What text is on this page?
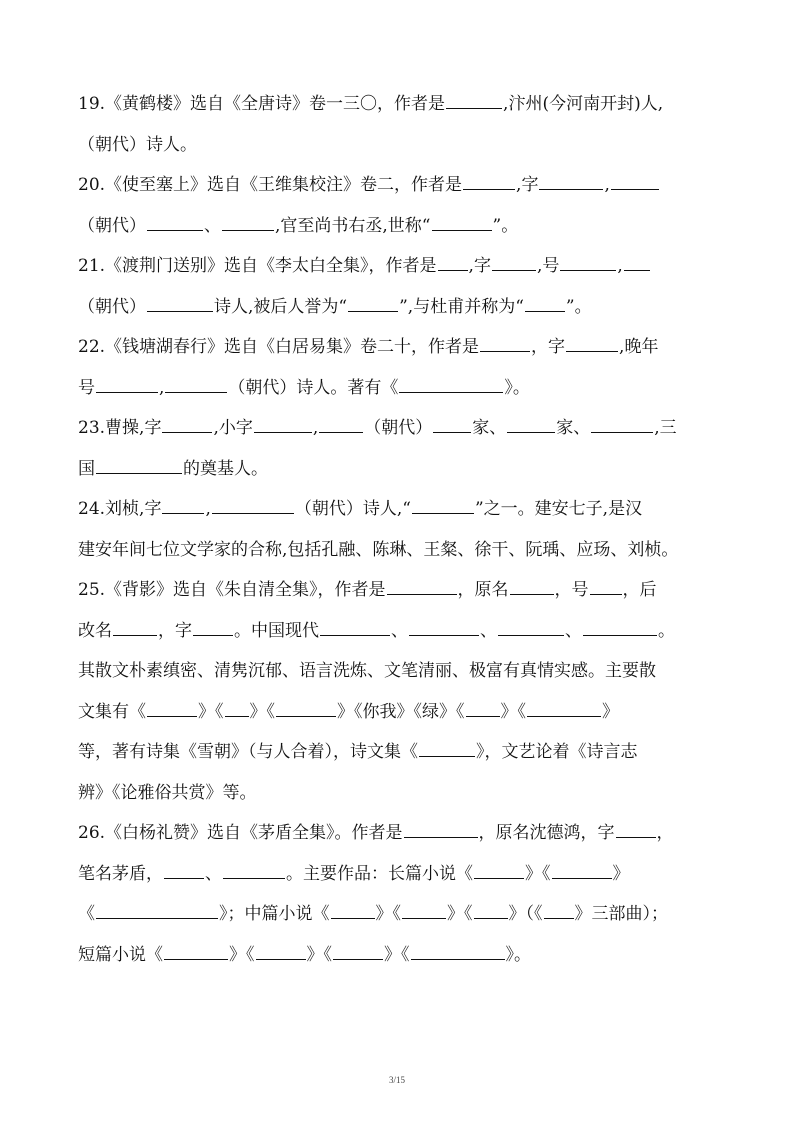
19.《黄鹤楼》选自《全唐诗》卷一三〇，作者是	,汴州(今河南开封)人,
（朝代）诗人。
20.《使至塞上》选自《王维集校注》卷二，作者是	,字	,
（朝代）	、	,官至尚书右丞,世称“	”。
21.《渡荆门送别》选自《李太白全集》，作者是 ,字	,号	,
（朝代）	诗人,被后人誉为“	”,与杜甫并称为“ ”。
22.《钱塘湖春行》选自《白居易集》卷二十，作者是	，字	,晚年
号	,	（朝代）诗人。著有《	》。
23.曹操,字	,小字	,	（朝代） 家、	家、	,三
国	的奠基人。
24.刘桢,字	,	（朝代）诗人,“	”之一。建安七子,是汉
建安年间七位文学家的合称,包括孔融、陈琳、王粲、徐干、阮瑀、应玚、刘桢。
25.《背影》选自《朱自清全集》，作者是	，原名	，号 ，后
改名	，字 。中国现代	、	、	、	。
其散文朴素缜密、清隽沉郁、语言洗炼、文笔清丽、极富有真情实感。主要散
文集有《	》《 》《	》《你我》《绿》《 》《	》
等，著有诗集《雪朝》（与人合着），诗文集《	》，文艺论着《诗言志
辨》《论雅俗共赏》等。
26.《白杨礼赞》选自《茅盾全集》。作者是	，原名沈德鸿，字 ，
笔名茅盾， 、	。主要作品：长篇小说《	》《	》
《	》；中篇小说《	》《	》《 》（《 》三部曲）；
短篇小说《	》《	》《	》《	》。
3/15
